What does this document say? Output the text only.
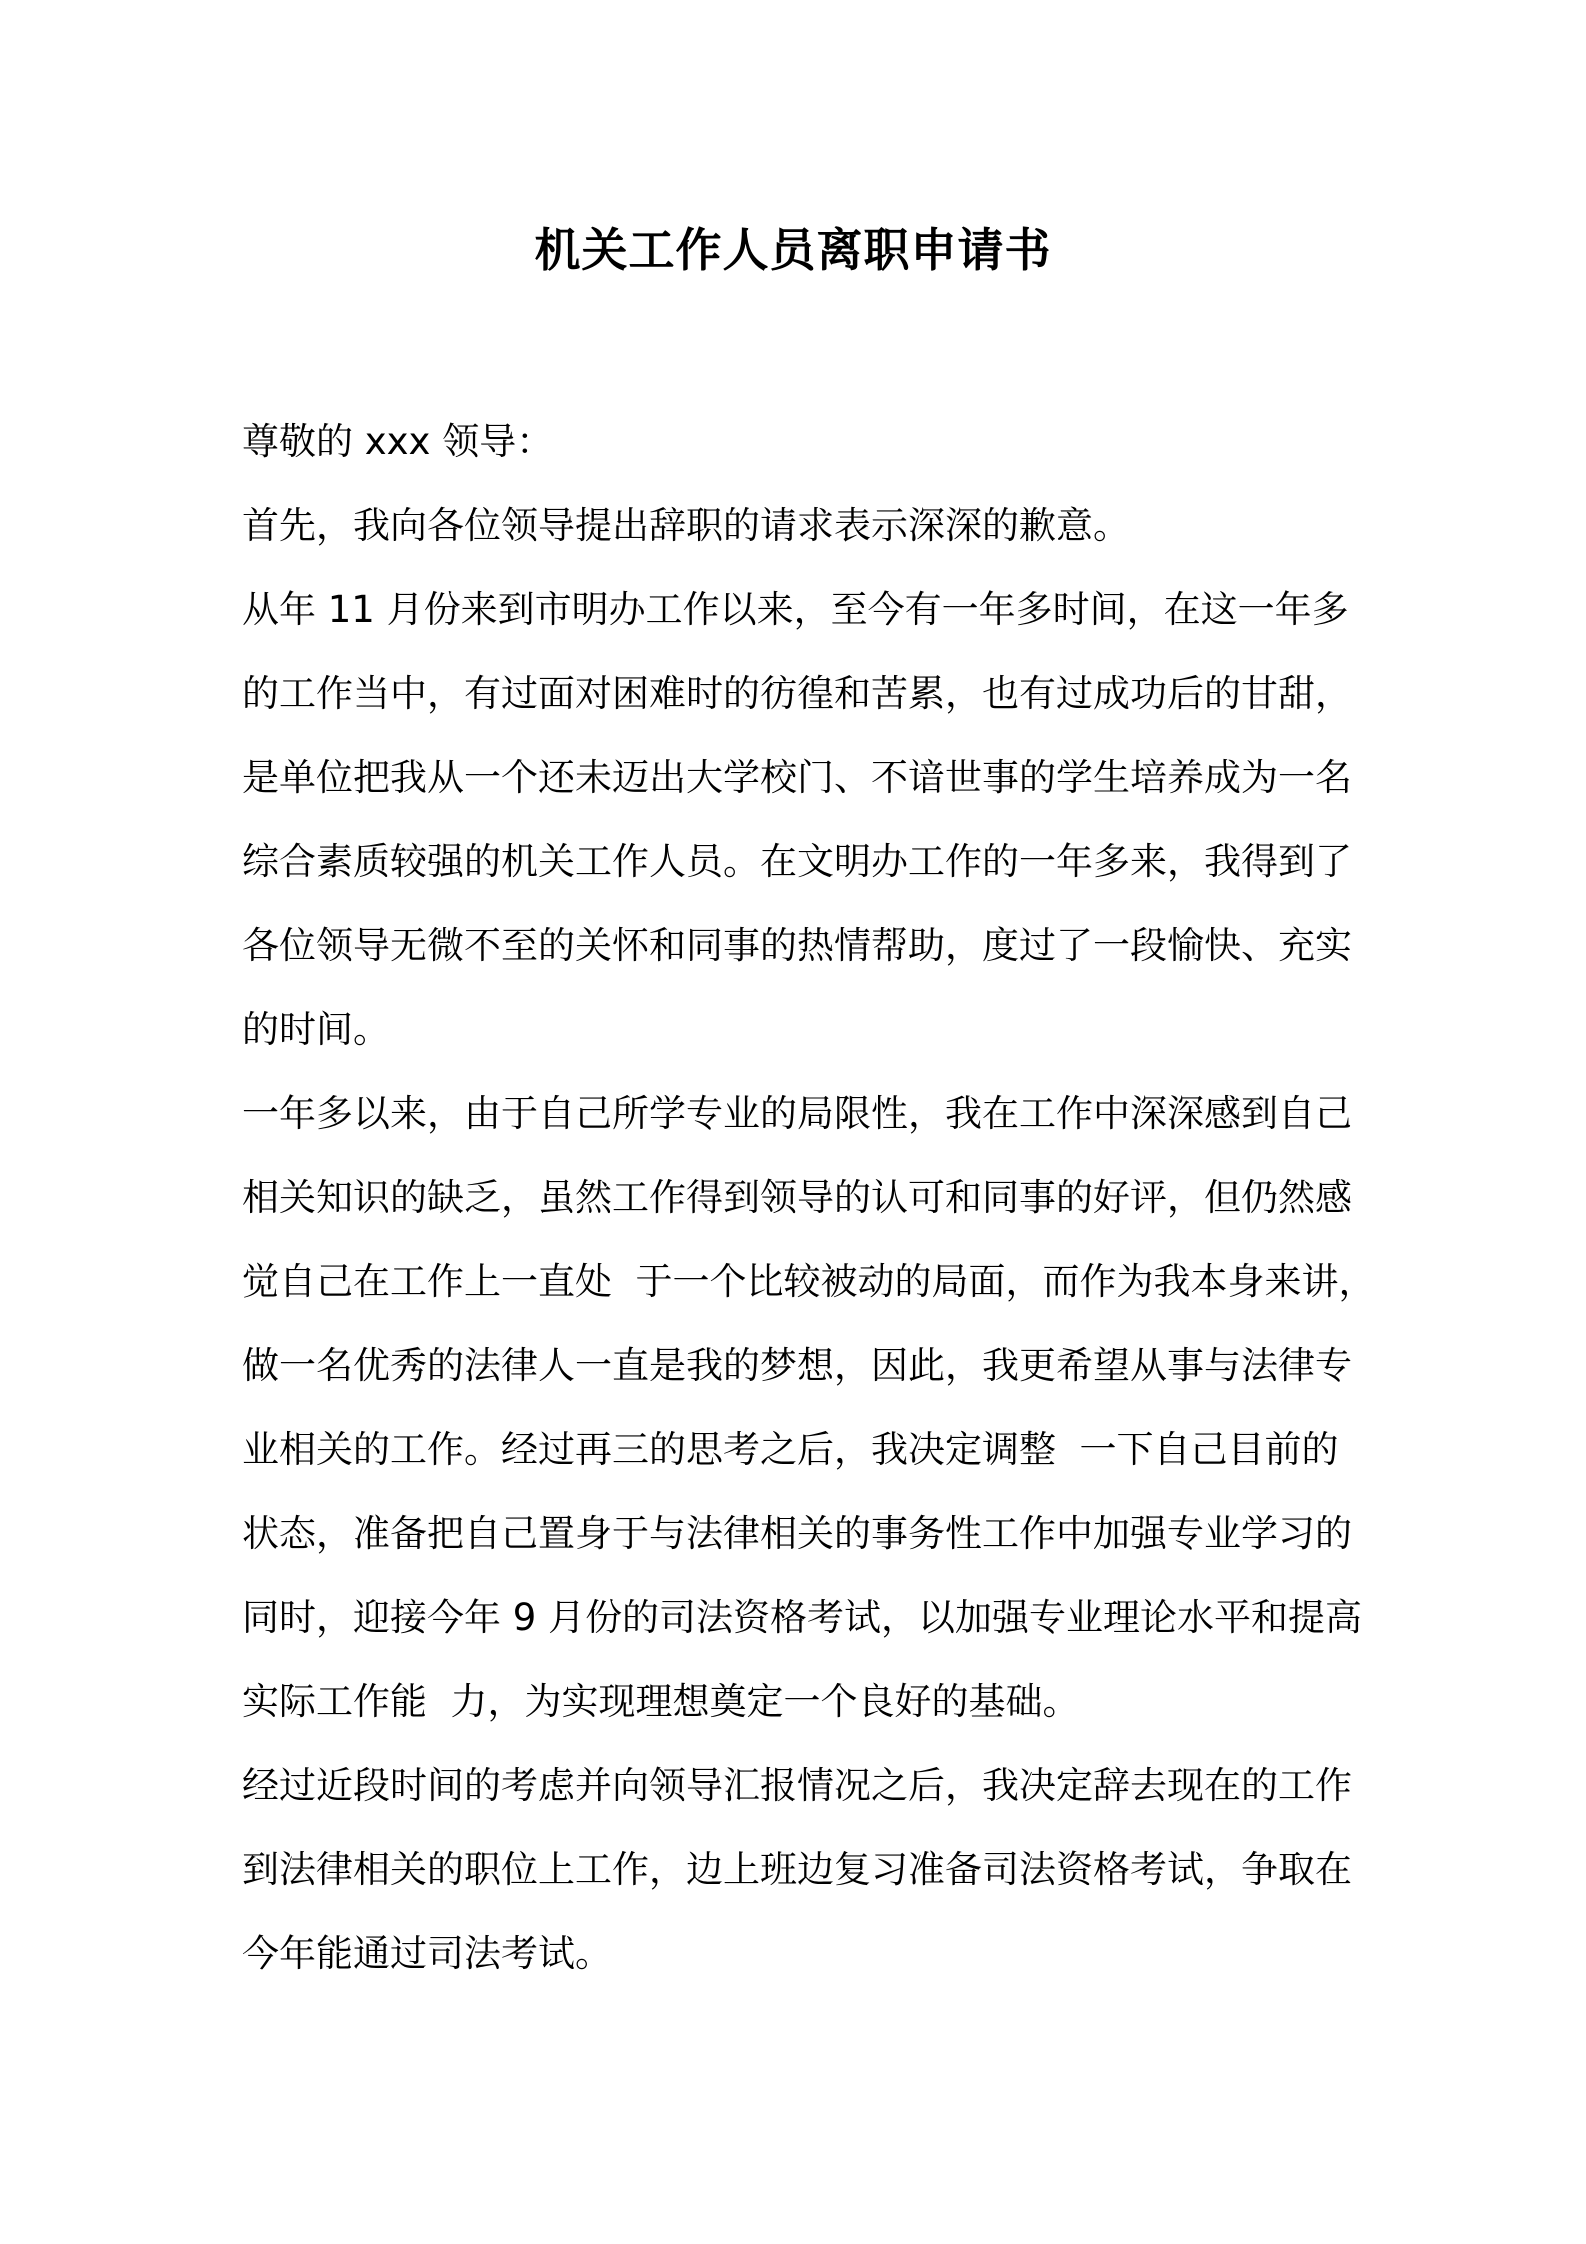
机关工作人员离职申请书

尊敬的 xxx 领导：

首先，我向各位领导提出辞职的请求表示深深的歉意。

从年 11 月份来到市明办工作以来，至今有一年多时间，在这一年多

的工作当中，有过面对困难时的彷徨和苦累，也有过成功后的甘甜，

是单位把我从一个还未迈出大学校门、不谙世事的学生培养成为一名

综合素质较强的机关工作人员。在文明办工作的一年多来，我得到了

各位领导无微不至的关怀和同事的热情帮助，度过了一段愉快、充实

的时间。

一年多以来，由于自己所学专业的局限性，我在工作中深深感到自己

相关知识的缺乏，虽然工作得到领导的认可和同事的好评，但仍然感

觉自己在工作上一直处  于一个比较被动的局面，而作为我本身来讲，

做一名优秀的法律人一直是我的梦想，因此，我更希望从事与法律专

业相关的工作。经过再三的思考之后，我决定调整  一下自己目前的

状态，准备把自己置身于与法律相关的事务性工作中加强专业学习的

同时，迎接今年 9 月份的司法资格考试，以加强专业理论水平和提高

实际工作能  力，为实现理想奠定一个良好的基础。

经过近段时间的考虑并向领导汇报情况之后，我决定辞去现在的工作

到法律相关的职位上工作，边上班边复习准备司法资格考试，争取在

今年能通过司法考试。
